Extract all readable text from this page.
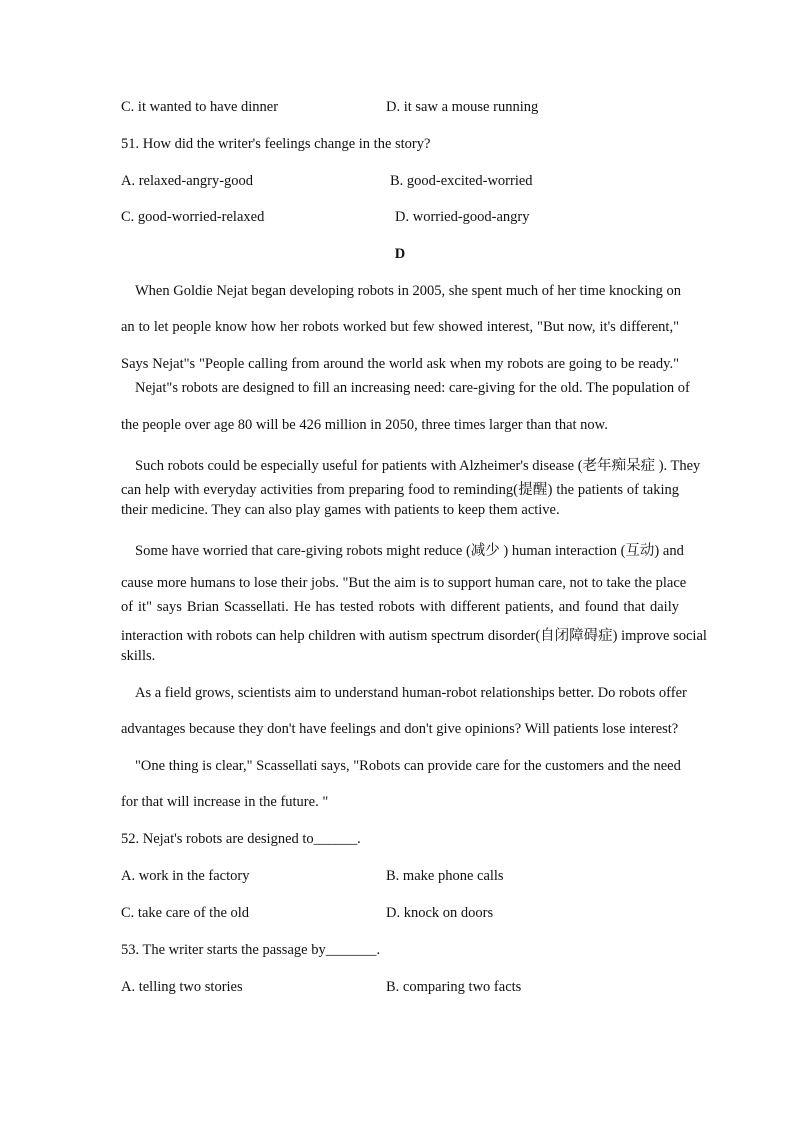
C. it wanted to have dinner	D. it saw a mouse running
51. How did the writer's feelings change in the story?
A. relaxed-angry-good	B. good-excited-worried
C. good-worried-relaxed	D. worried-good-angry
D
When Goldie Nejat began developing robots in 2005, she spent much of her time knocking on
an to let people know how her robots worked but few showed interest, "But now, it's different,"
Says Nejat"s "People calling from around the world ask when my robots are going to be ready."
Nejat"s robots are designed to fill an increasing need: care-giving for the old. The population of
the people over age 80 will be 426 million in 2050, three times larger than that now.
Such robots could be especially useful for patients with Alzheimer's disease (老年痴呆症 ). They
can help with everyday activities from preparing food to reminding(提醒) the patients of taking
their medicine. They can also play games with patients to keep them active.
Some have worried that care-giving robots might reduce (减少 ) human interaction (互动) and
cause more humans to lose their jobs. "But the aim is to support human care, not to take the place
of it" says Brian Scassellati. He has tested robots with different patients, and found that daily
interaction with robots can help children with autism spectrum disorder(自闭障碍症) improve social
skills.
As a field grows, scientists aim to understand human-robot relationships better. Do robots offer
advantages because they don't have feelings and don't give opinions? Will patients lose interest?
"One thing is clear," Scassellati says, "Robots can provide care for the customers and the need
for that will increase in the future. "
52. Nejat's robots are designed to______.
A. work in the factory	B. make phone calls
C. take care of the old	D. knock on doors
53. The writer starts the passage by_______.
A. telling two stories	B. comparing two facts
